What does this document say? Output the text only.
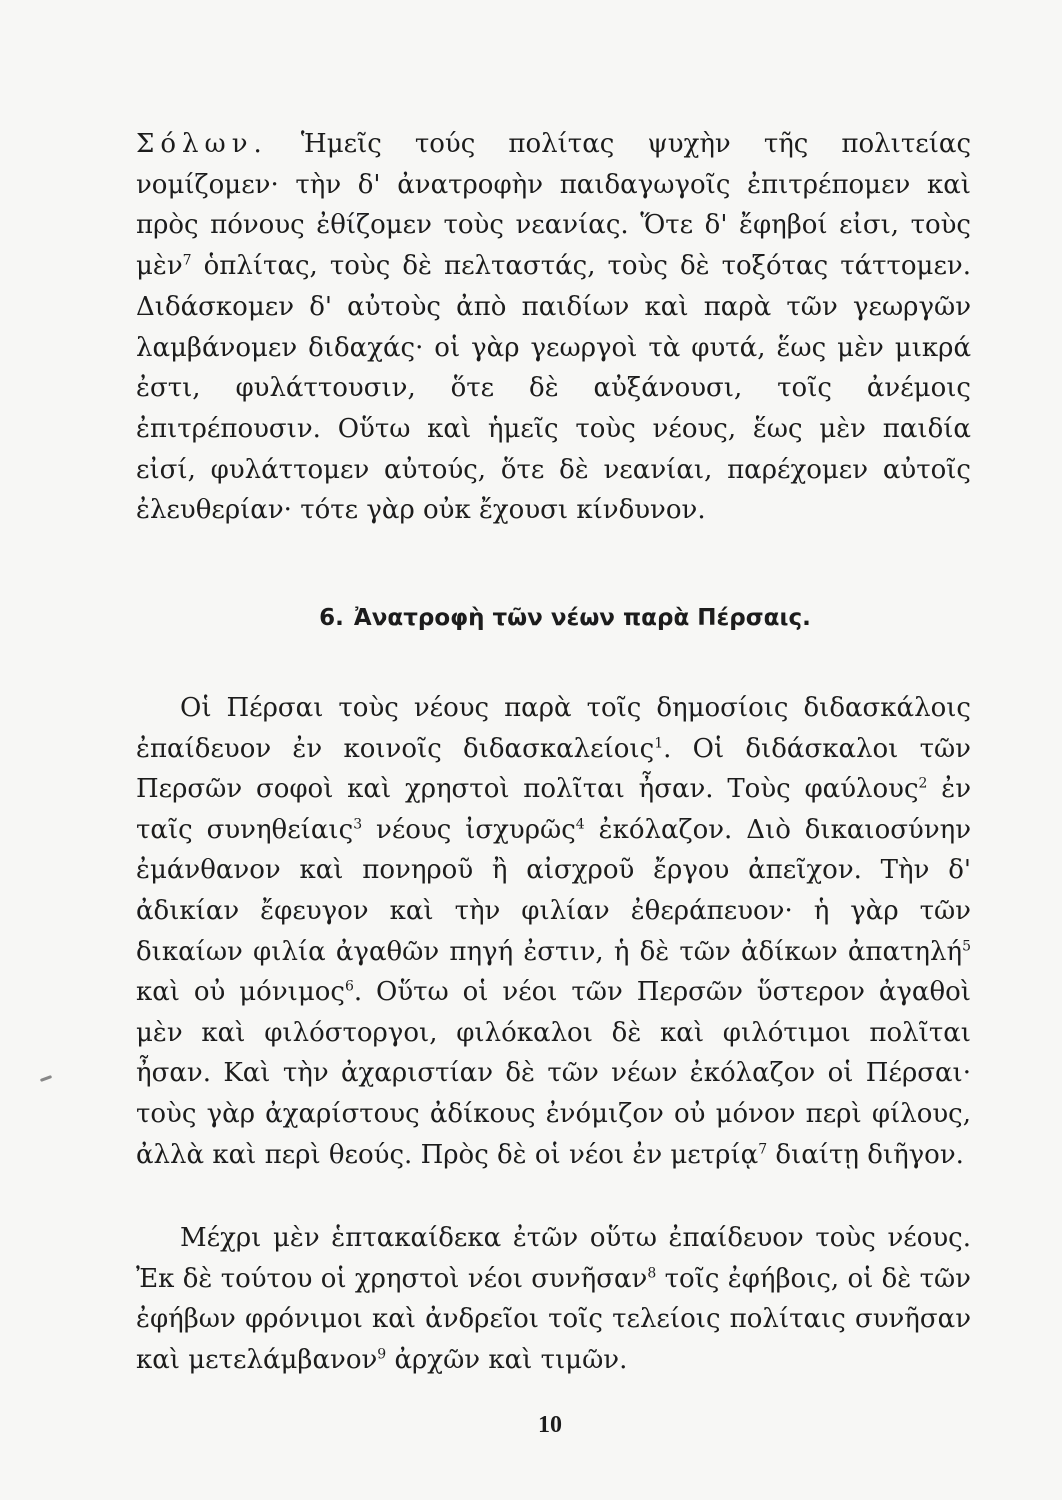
Σόλων. Ἡμεῖς τούς πολίτας ψυχὴν τῆς πολιτείας νομίζομεν· τὴν δ' ἀνατροφὴν παιδαγωγοῖς ἐπιτρέπομεν καὶ πρὸς πόνους ἐθίζομεν τοὺς νεανίας. Ὅτε δ' ἔφηβοί εἰσι, τοὺς μὲν$^7$ ὁπλίτας, τοὺς δὲ πελταστάς, τοὺς δὲ τοξότας τάττομεν. Διδάσκομεν δ' αὐτοὺς ἀπὸ παιδίων καὶ παρὰ τῶν γεωργῶν λαμβάνομεν διδαχάς· οἱ γὰρ γεωργοὶ τὰ φυτά, ἕως μὲν μικρά ἐστι, φυλάττουσιν, ὅτε δὲ αὐξάνουσι, τοῖς ἀνέμοις ἐπιτρέπουσιν. Οὕτω καὶ ἡμεῖς τοὺς νέους, ἕως μὲν παιδία εἰσί, φυλάττομεν αὐτούς, ὅτε δὲ νεανίαι, παρέχομεν αὐτοῖς ἐλευθερίαν· τότε γὰρ οὐκ ἔχουσι κίνδυνον.

6. Ἀνατροφὴ τῶν νέων παρὰ Πέρσαις.

Οἱ Πέρσαι τοὺς νέους παρὰ τοῖς δημοσίοις διδασκάλοις ἐπαίδευον ἐν κοινοῖς διδασκαλείοις$^1$. Οἱ διδάσκαλοι τῶν Περσῶν σοφοὶ καὶ χρηστοὶ πολῖται ἦσαν. Τοὺς φαύλους$^2$ ἐν ταῖς συνηθείαις$^3$ νέους ἰσχυρῶς$^4$ ἐκόλαζον. Διὸ δικαιοσύνην ἐμάνθανον καὶ πονηροῦ ἢ αἰσχροῦ ἔργου ἀπεῖχον. Τὴν δ' ἀδικίαν ἔφευγον καὶ τὴν φιλίαν ἐθεράπευον· ἡ γὰρ τῶν δικαίων φιλία ἀγαθῶν πηγή ἐστιν, ἡ δὲ τῶν ἀδίκων ἀπατηλή$^5$ καὶ οὐ μόνιμος$^6$. Οὕτω οἱ νέοι τῶν Περσῶν ὕστερον ἀγαθοὶ μὲν καὶ φιλόστοργοι, φιλόκαλοι δὲ καὶ φιλότιμοι πολῖται ἦσαν. Καὶ τὴν ἀχαριστίαν δὲ τῶν νέων ἐκόλαζον οἱ Πέρσαι· τοὺς γὰρ ἀχαρίστους ἀδίκους ἐνόμιζον οὐ μόνον περὶ φίλους, ἀλλὰ καὶ περὶ θεούς. Πρὸς δὲ οἱ νέοι ἐν μετρίᾳ$^7$ διαίτῃ διῆγον.

Μέχρι μὲν ἑπτακαίδεκα ἐτῶν οὕτω ἐπαίδευον τοὺς νέους. Ἐκ δὲ τούτου οἱ χρηστοὶ νέοι συνῆσαν$^8$ τοῖς ἐφήβοις, οἱ δὲ τῶν ἐφήβων φρόνιμοι καὶ ἀνδρεῖοι τοῖς τελείοις πολίταις συνῆσαν καὶ μετελάμβανον$^9$ ἀρχῶν καὶ τιμῶν.

10
